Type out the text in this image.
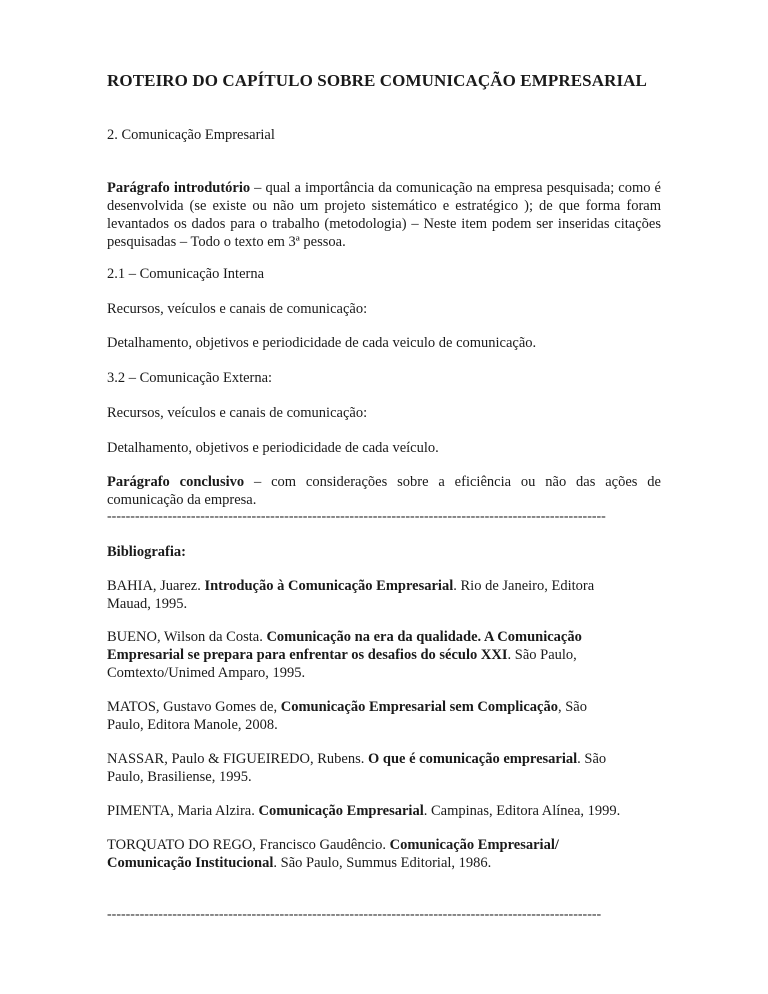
ROTEIRO DO CAPÍTULO SOBRE COMUNICAÇÃO EMPRESARIAL
2. Comunicação Empresarial
Parágrafo introdutório – qual a importância da comunicação na empresa pesquisada; como é desenvolvida (se existe ou não um projeto sistemático e estratégico ); de que forma foram levantados os dados para o trabalho (metodologia) – Neste item podem ser inseridas citações pesquisadas – Todo o texto em 3ª pessoa.
2.1 – Comunicação Interna
Recursos, veículos e canais de comunicação:
Detalhamento, objetivos e periodicidade de cada veiculo de comunicação.
3.2 – Comunicação Externa:
Recursos, veículos e canais de comunicação:
Detalhamento, objetivos e periodicidade de cada veículo.
Parágrafo conclusivo – com considerações sobre a eficiência ou não das ações de comunicação da empresa.
-----------------------------------------------------------------------------------------------------------
Bibliografia:
BAHIA, Juarez. Introdução à Comunicação Empresarial. Rio de Janeiro, Editora Mauad, 1995.
BUENO, Wilson da Costa. Comunicação na era da qualidade. A Comunicação Empresarial se prepara para enfrentar os desafios do século XXI. São Paulo, Comtexto/Unimed Amparo, 1995.
MATOS, Gustavo Gomes de, Comunicação Empresarial sem Complicação, São Paulo, Editora Manole, 2008.
NASSAR, Paulo & FIGUEIREDO, Rubens. O que é comunicação empresarial. São Paulo, Brasiliense, 1995.
PIMENTA, Maria Alzira. Comunicação Empresarial. Campinas, Editora Alínea, 1999.
TORQUATO DO REGO, Francisco Gaudêncio. Comunicação Empresarial/ Comunicação Institucional. São Paulo, Summus Editorial, 1986.
----------------------------------------------------------------------------------------------------------
